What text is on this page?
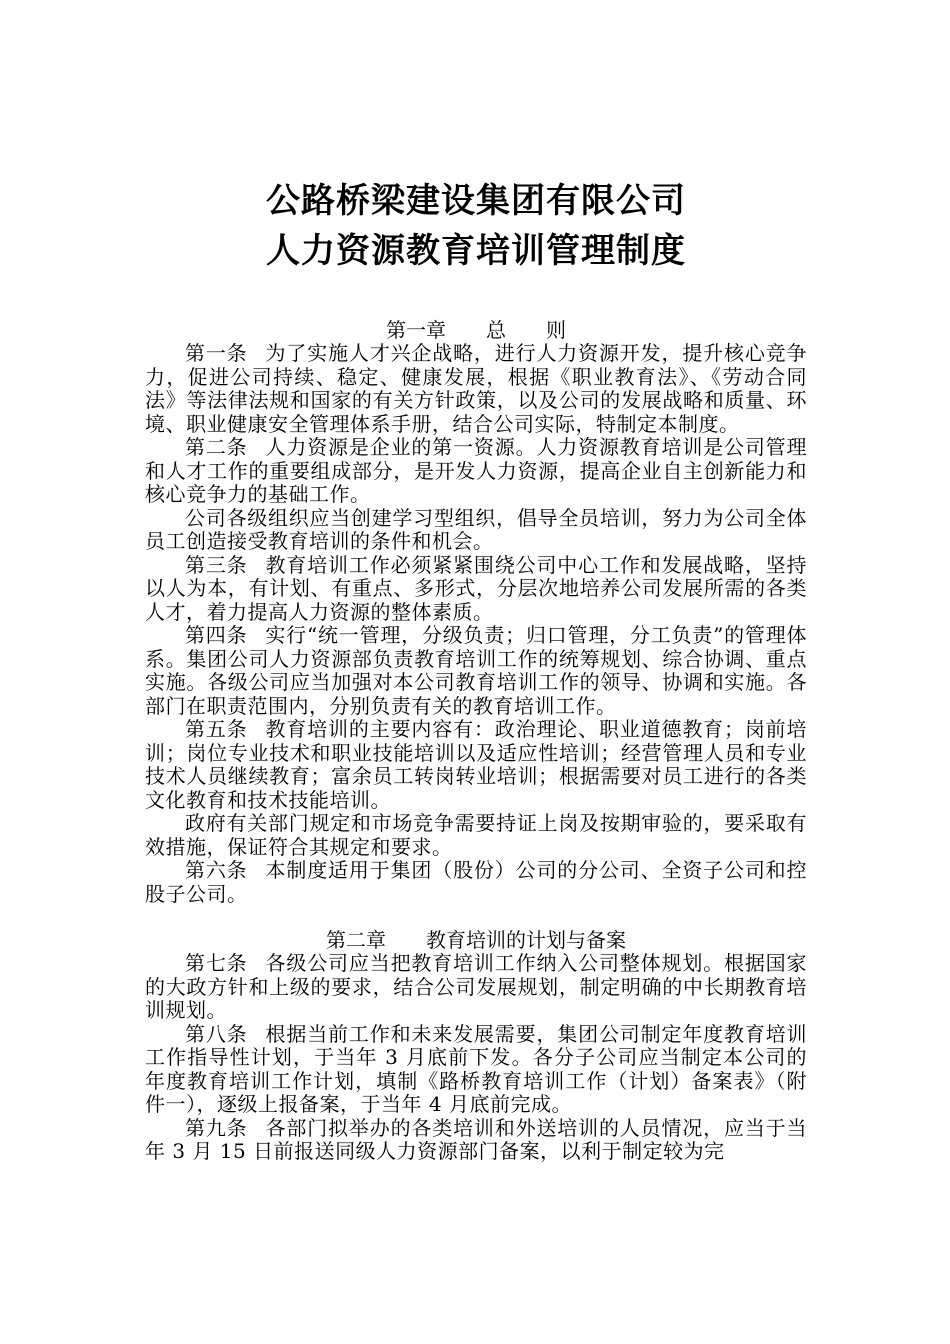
公路桥梁建设集团有限公司
人力资源教育培训管理制度

第一章　　总　　则

第一条 为了实施人才兴企战略，进行人力资源开发，提升核心竞争力，促进公司持续、稳定、健康发展，根据《职业教育法》、《劳动合同法》等法律法规和国家的有关方针政策，以及公司的发展战略和质量、环境、职业健康安全管理体系手册，结合公司实际，特制定本制度。

第二条 人力资源是企业的第一资源。人力资源教育培训是公司管理和人才工作的重要组成部分，是开发人力资源，提高企业自主创新能力和核心竞争力的基础工作。

公司各级组织应当创建学习型组织，倡导全员培训，努力为公司全体员工创造接受教育培训的条件和机会。

第三条 教育培训工作必须紧紧围绕公司中心工作和发展战略，坚持以人为本，有计划、有重点、多形式，分层次地培养公司发展所需的各类人才，着力提高人力资源的整体素质。

第四条 实行“统一管理，分级负责；归口管理，分工负责”的管理体系。集团公司人力资源部负责教育培训工作的统筹规划、综合协调、重点实施。各级公司应当加强对本公司教育培训工作的领导、协调和实施。各部门在职责范围内，分别负责有关的教育培训工作。

第五条 教育培训的主要内容有：政治理论、职业道德教育；岗前培训；岗位专业技术和职业技能培训以及适应性培训；经营管理人员和专业技术人员继续教育；富余员工转岗转业培训；根据需要对员工进行的各类文化教育和技术技能培训。

政府有关部门规定和市场竞争需要持证上岗及按期审验的，要采取有效措施，保证符合其规定和要求。

第六条 本制度适用于集团（股份）公司的分公司、全资子公司和控股子公司。

第二章　　教育培训的计划与备案

第七条 各级公司应当把教育培训工作纳入公司整体规划。根据国家的大政方针和上级的要求，结合公司发展规划，制定明确的中长期教育培训规划。

第八条 根据当前工作和未来发展需要，集团公司制定年度教育培训工作指导性计划，于当年 3 月底前下发。各分子公司应当制定本公司的年度教育培训工作计划，填制《路桥教育培训工作（计划）备案表》（附件一），逐级上报备案，于当年 4 月底前完成。

第九条 各部门拟举办的各类培训和外送培训的人员情况，应当于当年 3 月 15 日前报送同级人力资源部门备案，以利于制定较为完
